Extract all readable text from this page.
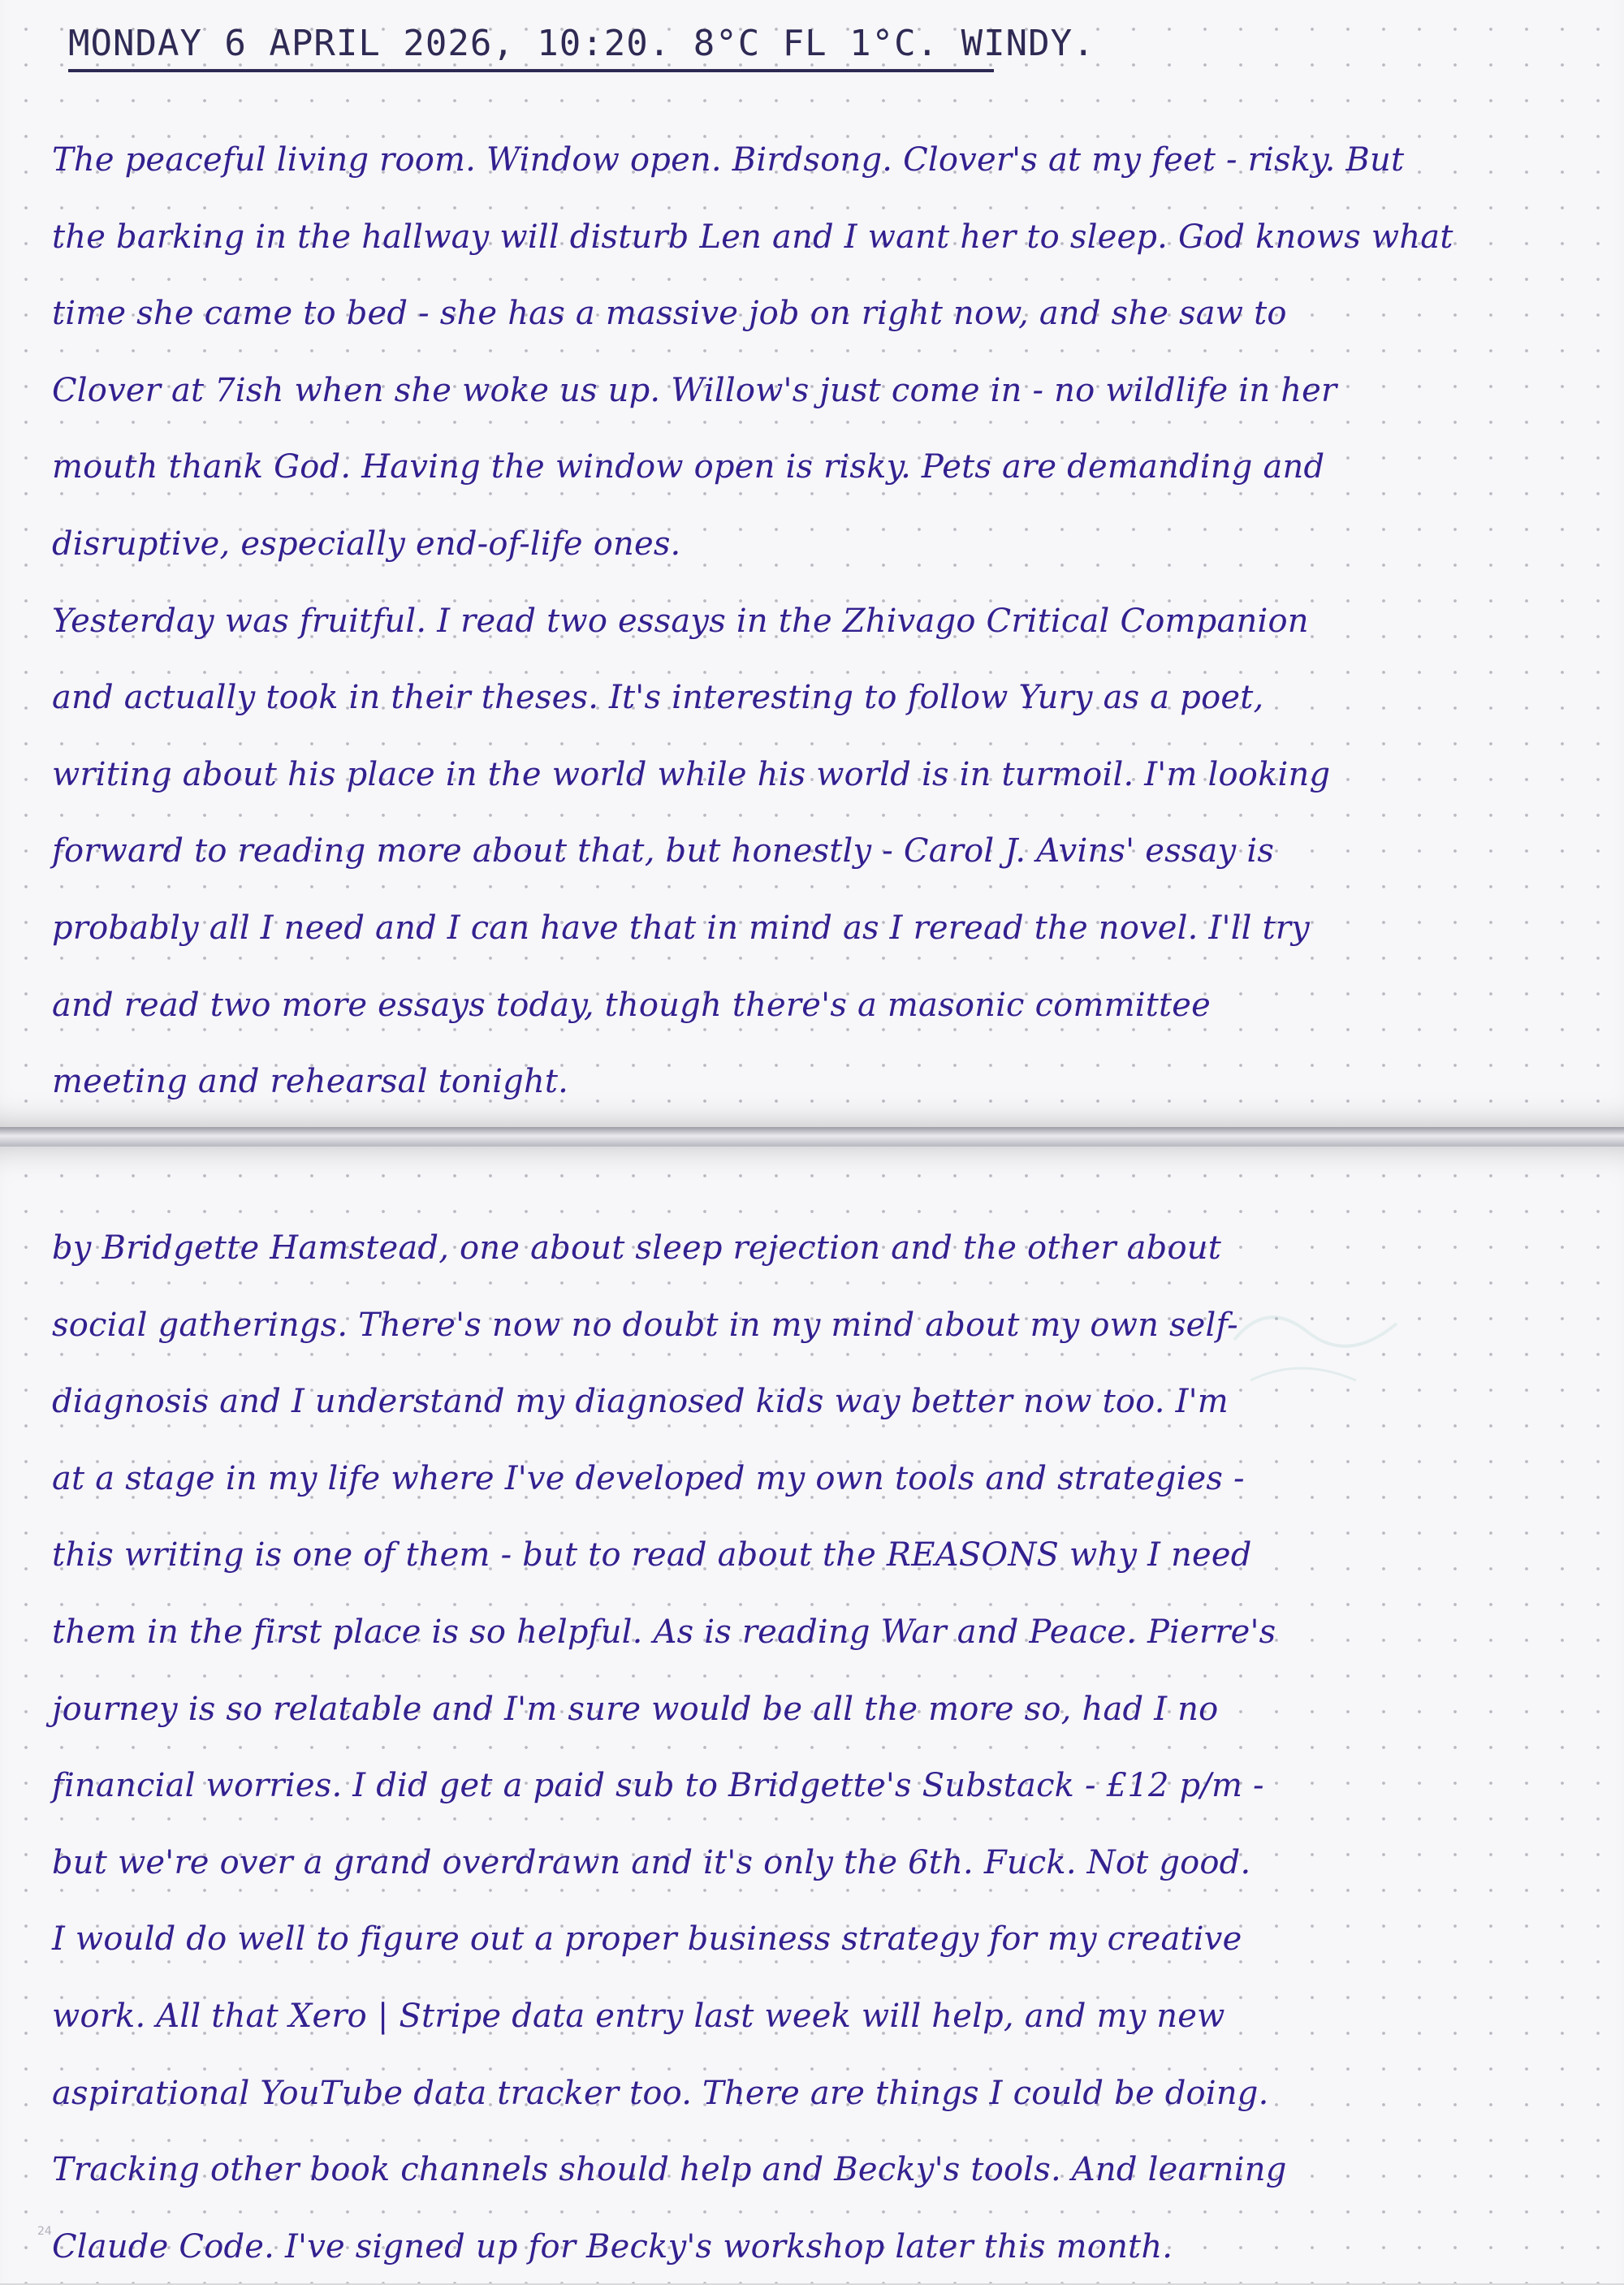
MONDAY 6 APRIL 2026, 10:20. 8°C FL 1°C. WINDY.
The peaceful living room. Window open. Birdsong. Clover's at my feet - risky. But
the barking in the hallway will disturb Len and I want her to sleep. God knows what
time she came to bed - she has a massive job on right now, and she saw to
Clover at 7ish when she woke us up. Willow's just come in - no wildlife in her
mouth thank God. Having the window open is risky. Pets are demanding and
disruptive, especially end-of-life ones.
Yesterday was fruitful. I read two essays in the Zhivago Critical Companion
and actually took in their theses. It's interesting to follow Yury as a poet,
writing about his place in the world while his world is in turmoil. I'm looking
forward to reading more about that, but honestly - Carol J. Avins' essay is
probably all I need and I can have that in mind as I reread the novel. I'll try
and read two more essays today, though there's a masonic committee
meeting and rehearsal tonight.
24
by Bridgette Hamstead, one about sleep rejection and the other about
social gatherings. There's now no doubt in my mind about my own self-
diagnosis and I understand my diagnosed kids way better now too. I'm
at a stage in my life where I've developed my own tools and strategies -
this writing is one of them - but to read about the REASONS why I need
them in the first place is so helpful. As is reading War and Peace. Pierre's
journey is so relatable and I'm sure would be all the more so, had I no
financial worries. I did get a paid sub to Bridgette's Substack - £12 p/m -
but we're over a grand overdrawn and it's only the 6th. Fuck. Not good.
I would do well to figure out a proper business strategy for my creative
work. All that Xero | Stripe data entry last week will help, and my new
aspirational YouTube data tracker too. There are things I could be doing.
Tracking other book channels should help and Becky's tools. And learning
Claude Code. I've signed up for Becky's workshop later this month.
